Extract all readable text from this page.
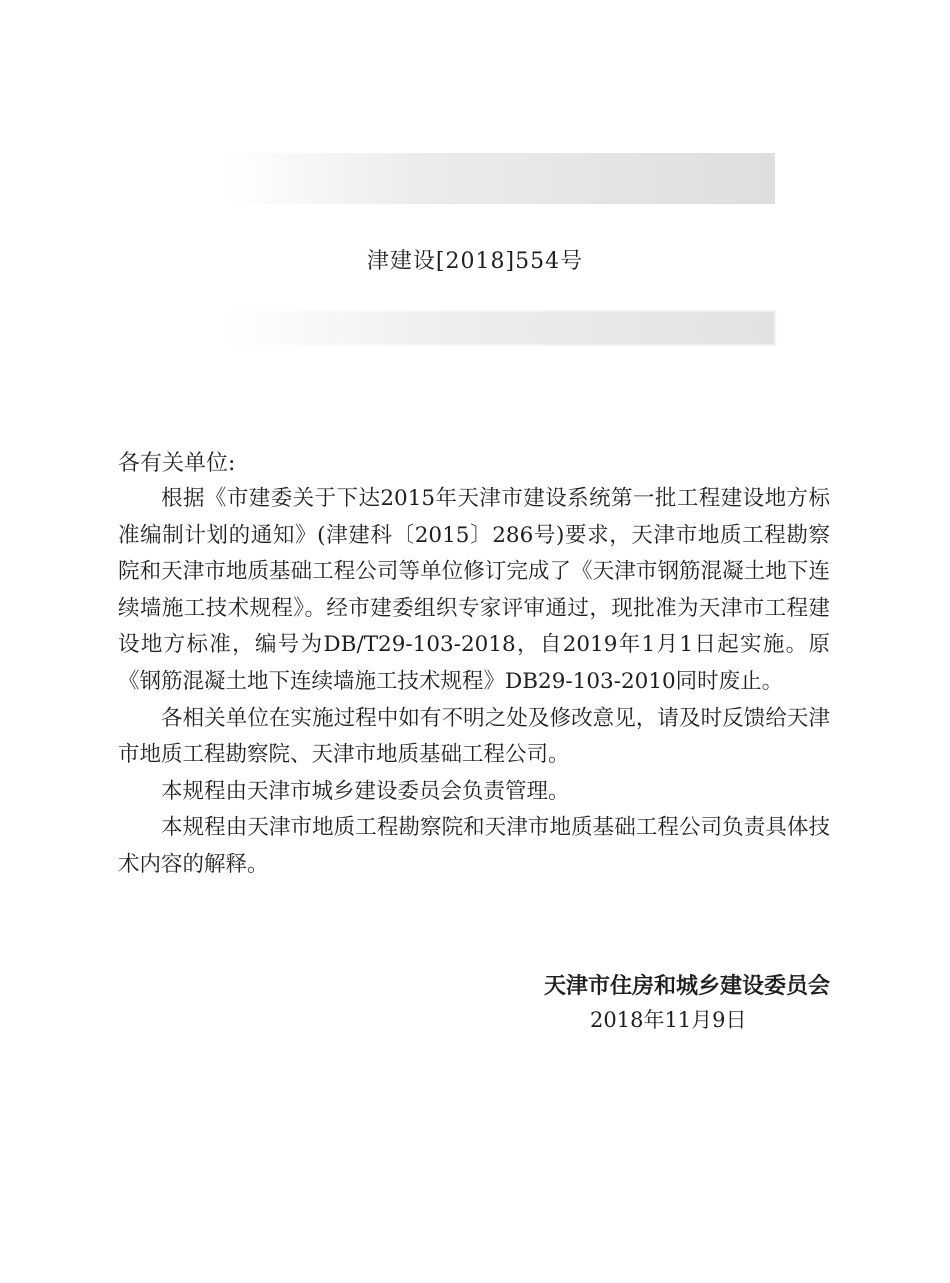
津建设[2018]554号
各有关单位:

根据《市建委关于下达2015年天津市建设系统第一批工程建设地方标准编制计划的通知》(津建科〔2015〕286号)要求，天津市地质工程勘察院和天津市地质基础工程公司等单位修订完成了《天津市钢筋混凝土地下连续墙施工技术规程》。经市建委组织专家评审通过，现批准为天津市工程建设地方标准，编号为DB/T29-103-2018，自2019年1月1日起实施。原《钢筋混凝土地下连续墙施工技术规程》DB29-103-2010同时废止。

各相关单位在实施过程中如有不明之处及修改意见，请及时反馈给天津市地质工程勘察院、天津市地质基础工程公司。

本规程由天津市城乡建设委员会负责管理。

本规程由天津市地质工程勘察院和天津市地质基础工程公司负责具体技术内容的解释。

天津市住房和城乡建设委员会
2018年11月9日
